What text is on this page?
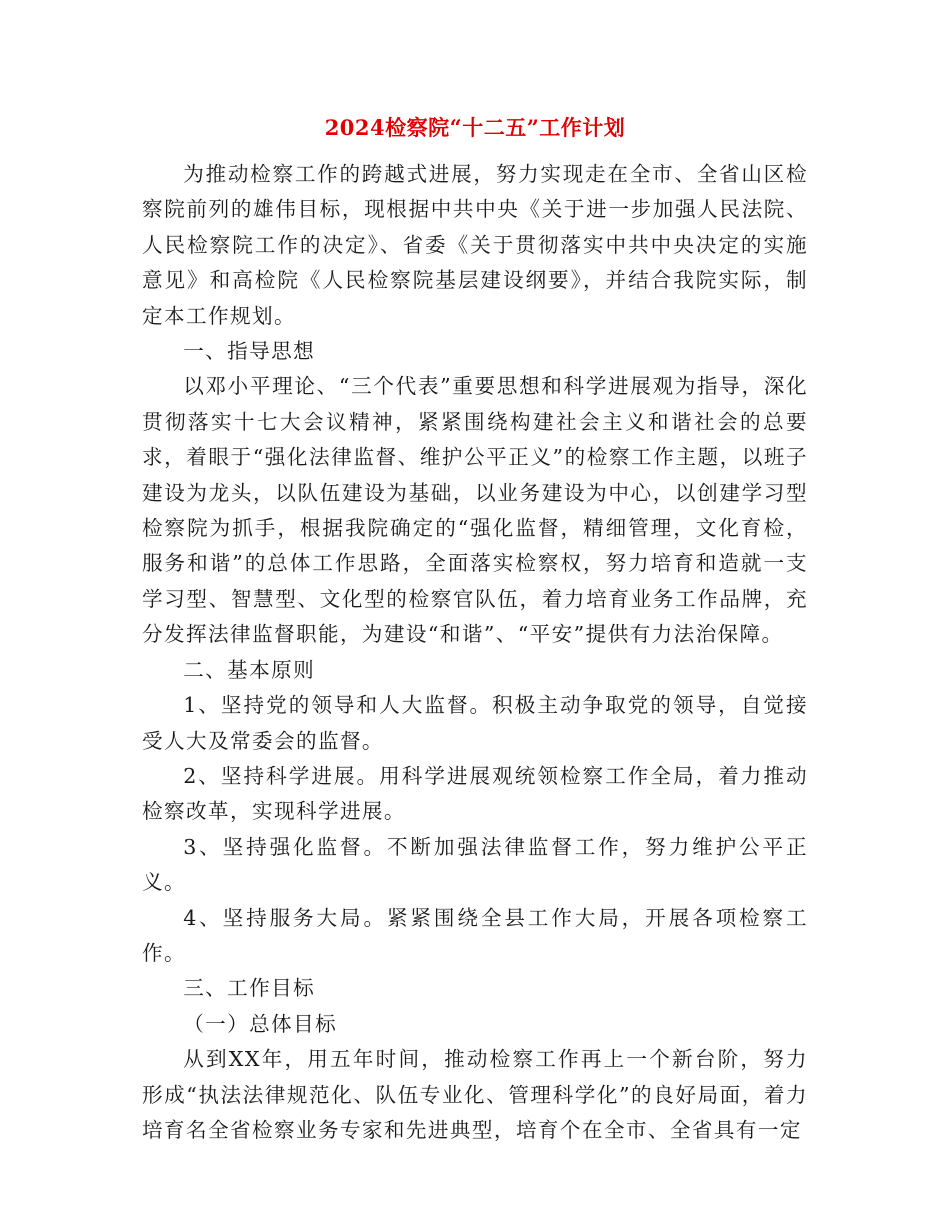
2024检察院“十二五”工作计划

为推动检察工作的跨越式进展，努力实现走在全市、全省山区检察院前列的雄伟目标，现根据中共中央《关于进一步加强人民法院、人民检察院工作的决定》、省委《关于贯彻落实中共中央决定的实施意见》和高检院《人民检察院基层建设纲要》，并结合我院实际，制定本工作规划。

一、指导思想

以邓小平理论、“三个代表”重要思想和科学进展观为指导，深化贯彻落实十七大会议精神，紧紧围绕构建社会主义和谐社会的总要求，着眼于“强化法律监督、维护公平正义”的检察工作主题，以班子建设为龙头，以队伍建设为基础，以业务建设为中心，以创建学习型检察院为抓手，根据我院确定的“强化监督，精细管理，文化育检，服务和谐”的总体工作思路，全面落实检察权，努力培育和造就一支学习型、智慧型、文化型的检察官队伍，着力培育业务工作品牌，充分发挥法律监督职能，为建设“和谐”、“平安”提供有力法治保障。

二、基本原则

1、坚持党的领导和人大监督。积极主动争取党的领导，自觉接受人大及常委会的监督。

2、坚持科学进展。用科学进展观统领检察工作全局，着力推动检察改革，实现科学进展。

3、坚持强化监督。不断加强法律监督工作，努力维护公平正义。

4、坚持服务大局。紧紧围绕全县工作大局，开展各项检察工作。

三、工作目标

（一）总体目标

从到XX年，用五年时间，推动检察工作再上一个新台阶，努力形成“执法法律规范化、队伍专业化、管理科学化”的良好局面，着力培育名全省检察业务专家和先进典型，培育个在全市、全省具有一定
